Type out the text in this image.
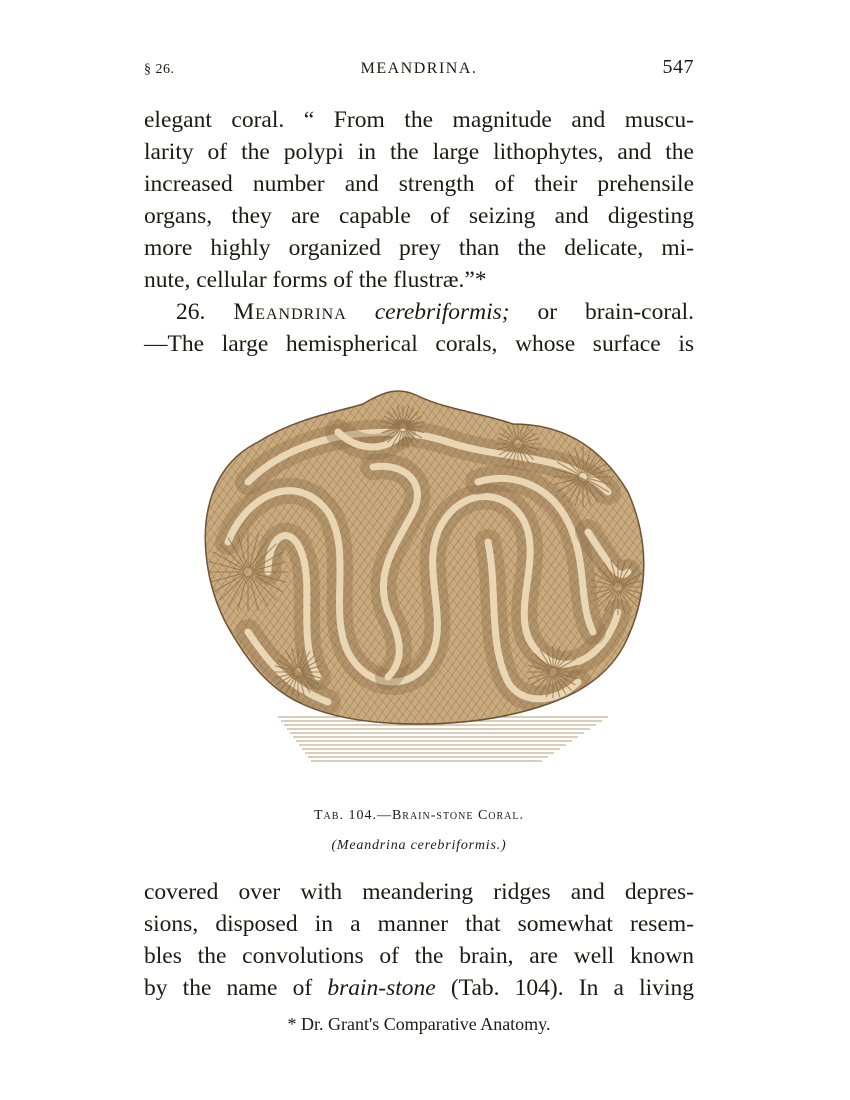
§ 26.	MEANDRINA.	547
elegant coral. “ From the magnitude and muscu-
larity of the polypi in the large lithophytes, and the
increased number and strength of their prehensile
organs, they are capable of seizing and digesting
more highly organized prey than the delicate, mi-
nute, cellular forms of the flustræ.”*
26. Meandrina cerebriformis; or brain-coral.
—The large hemispherical corals, whose surface is
Tab. 104.—Brain-stone Coral.
(Meandrina cerebriformis.)
covered over with meandering ridges and depres-
sions, disposed in a manner that somewhat resem-
bles the convolutions of the brain, are well known
by the name of brain-stone (Tab. 104). In a living
* Dr. Grant's Comparative Anatomy.
